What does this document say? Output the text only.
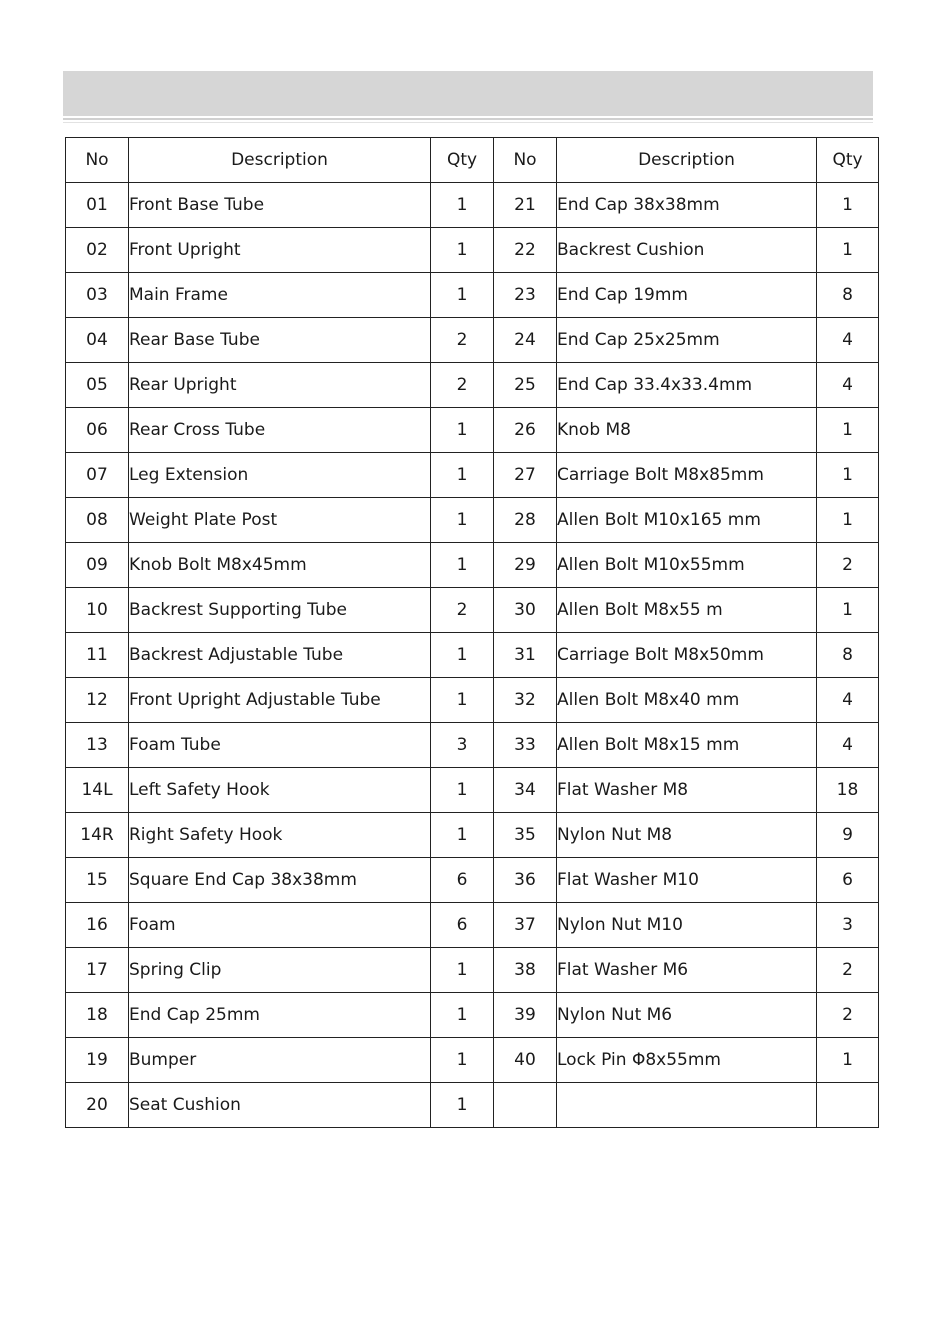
No	Description	Qty	No	Description	Qty
01	Front Base Tube	1	21	End Cap 38x38mm	1
02	Front Upright	1	22	Backrest Cushion	1
03	Main Frame	1	23	End Cap 19mm	8
04	Rear Base Tube	2	24	End Cap 25x25mm	4
05	Rear Upright	2	25	End Cap 33.4x33.4mm	4
06	Rear Cross Tube	1	26	Knob M8	1
07	Leg Extension	1	27	Carriage Bolt M8x85mm	1
08	Weight Plate Post	1	28	Allen Bolt M10x165 mm	1
09	Knob Bolt M8x45mm	1	29	Allen Bolt M10x55mm	2
10	Backrest Supporting Tube	2	30	Allen Bolt M8x55 m	1
11	Backrest Adjustable Tube	1	31	Carriage Bolt M8x50mm	8
12	Front Upright Adjustable Tube	1	32	Allen Bolt M8x40 mm	4
13	Foam Tube	3	33	Allen Bolt M8x15 mm	4
14L	Left Safety Hook	1	34	Flat Washer M8	18
14R	Right Safety Hook	1	35	Nylon Nut M8	9
15	Square End Cap 38x38mm	6	36	Flat Washer M10	6
16	Foam	6	37	Nylon Nut M10	3
17	Spring Clip	1	38	Flat Washer M6	2
18	End Cap 25mm	1	39	Nylon Nut M6	2
19	Bumper	1	40	Lock Pin Φ8x55mm	1
20	Seat Cushion	1			
